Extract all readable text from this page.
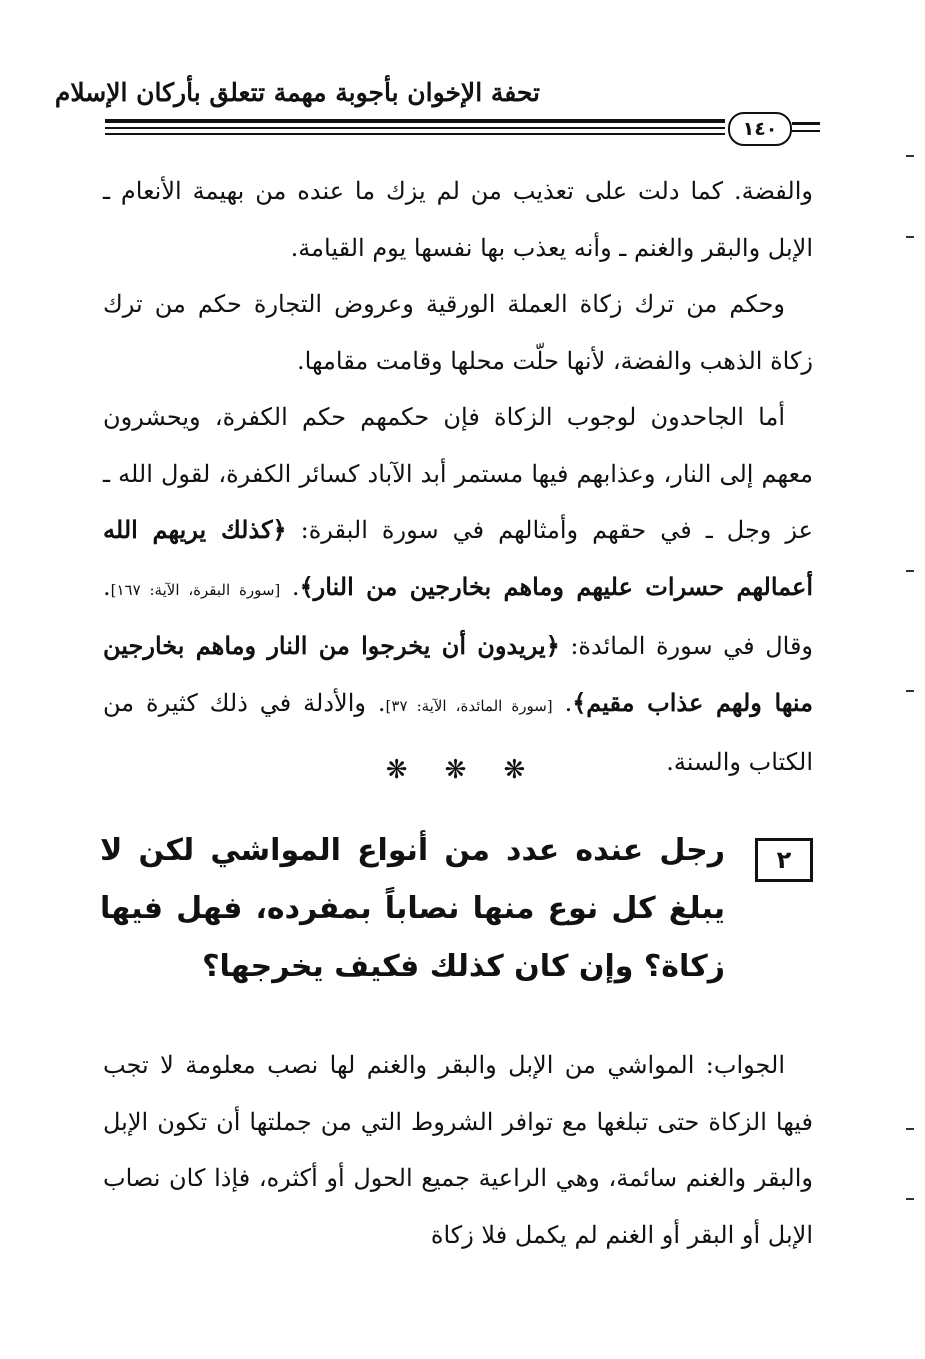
تحفة الإخوان بأجوبة مهمة تتعلق بأركان الإسلام
١٤٠
والفضة. كما دلت على تعذيب من لم يزك ما عنده من بهيمة الأنعام ـ الإبل والبقر والغنم ـ وأنه يعذب بها نفسها يوم القيامة.
وحكم من ترك زكاة العملة الورقية وعروض التجارة حكم من ترك زكاة الذهب والفضة، لأنها حلّت محلها وقامت مقامها.
أما الجاحدون لوجوب الزكاة فإن حكمهم حكم الكفرة، ويحشرون معهم إلى النار، وعذابهم فيها مستمر أبد الآباد كسائر الكفرة، لقول الله ـ عز وجل ـ في حقهم وأمثالهم في سورة البقرة: ﴿كذلك يريهم الله أعمالهم حسرات عليهم وماهم بخارجين من النار﴾. [سورة البقرة، الآية: ١٦٧]. وقال في سورة المائدة: ﴿يريدون أن يخرجوا من النار وماهم بخارجين منها ولهم عذاب مقيم﴾. [سورة المائدة، الآية: ٣٧]. والأدلة في ذلك كثيرة من الكتاب والسنة.
❋ ❋ ❋
٢
رجل عنده عدد من أنواع المواشي لكن لا يبلغ كل نوع منها نصاباً بمفرده، فهل فيها زكاة؟ وإن كان كذلك فكيف يخرجها؟
الجواب: المواشي من الإبل والبقر والغنم لها نصب معلومة لا تجب فيها الزكاة حتى تبلغها مع توافر الشروط التي من جملتها أن تكون الإبل والبقر والغنم سائمة، وهي الراعية جميع الحول أو أكثره، فإذا كان نصاب الإبل أو البقر أو الغنم لم يكمل فلا زكاة
